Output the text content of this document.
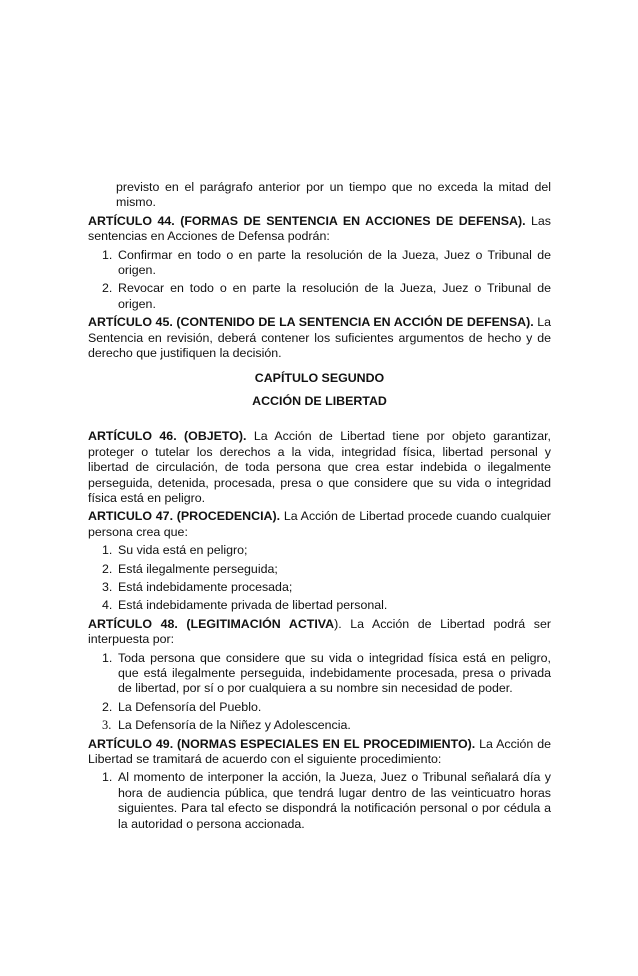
previsto en el parágrafo anterior por un tiempo que no exceda la mitad del mismo.

ARTÍCULO 44. (FORMAS DE SENTENCIA EN ACCIONES DE DEFENSA). Las sentencias en Acciones de Defensa podrán:

1. Confirmar en todo o en parte la resolución de la Jueza, Juez o Tribunal de origen.
2. Revocar en todo o en parte la resolución de la Jueza, Juez o Tribunal de origen.

ARTÍCULO 45. (CONTENIDO DE LA SENTENCIA EN ACCIÓN DE DEFENSA). La Sentencia en revisión, deberá contener los suficientes argumentos de hecho y de derecho que justifiquen la decisión.

CAPÍTULO SEGUNDO

ACCIÓN DE LIBERTAD

ARTÍCULO 46. (OBJETO). La Acción de Libertad tiene por objeto garantizar, proteger o tutelar los derechos a la vida, integridad física, libertad personal y libertad de circulación, de toda persona que crea estar indebida o ilegalmente perseguida, detenida, procesada, presa o que considere que su vida o integridad física está en peligro.

ARTICULO 47. (PROCEDENCIA). La Acción de Libertad procede cuando cualquier persona crea que:

1. Su vida está en peligro;
2. Está ilegalmente perseguida;
3. Está indebidamente procesada;
4. Está indebidamente privada de libertad personal.

ARTÍCULO 48. (LEGITIMACIÓN ACTIVA). La Acción de Libertad podrá ser interpuesta por:

1. Toda persona que considere que su vida o integridad física está en peligro, que está ilegalmente perseguida, indebidamente procesada, presa o privada de libertad, por sí o por cualquiera a su nombre sin necesidad de poder.
2. La Defensoría del Pueblo.
3. La Defensoría de la Niñez y Adolescencia.

ARTÍCULO 49. (NORMAS ESPECIALES EN EL PROCEDIMIENTO). La Acción de Libertad se tramitará de acuerdo con el siguiente procedimiento:

1. Al momento de interponer la acción, la Jueza, Juez o Tribunal señalará día y hora de audiencia pública, que tendrá lugar dentro de las veinticuatro horas siguientes. Para tal efecto se dispondrá la notificación personal o por cédula a la autoridad o persona accionada.
